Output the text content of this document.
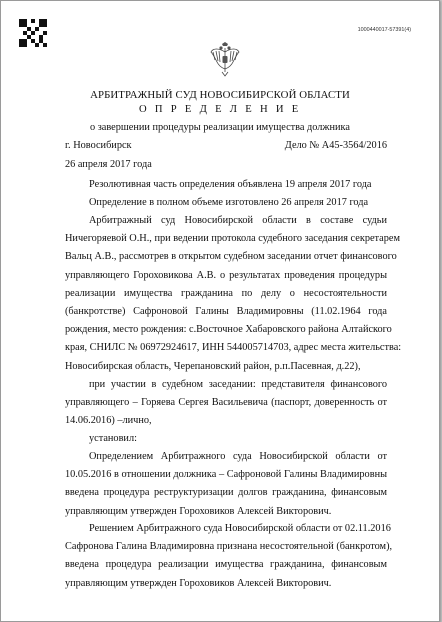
1000440017-57391(4)
АРБИТРАЖНЫЙ СУД НОВОСИБИРСКОЙ ОБЛАСТИ
О П Р Е Д Е Л Е Н И Е
о завершении процедуры реализации имущества должника
г. Новосибирск	Дело № А45-3564/2016
26 апреля 2017 года
Резолютивная часть определения объявлена 19 апреля 2017 года
Определение в полном объеме изготовлено 26 апреля 2017 года
Арбитражный суд Новосибирской области в составе судьи
Ничегоряевой О.Н., при ведении протокола судебного заседания секретарем
Вальц А.В., рассмотрев в открытом судебном заседании отчет финансового
управляющего Гороховикова А.В. о результатах проведения процедуры
реализации имущества гражданина по делу о несостоятельности
(банкротстве) Сафроновой Галины Владимировны (11.02.1964 года
рождения, место рождения: с.Восточное Хабаровского района Алтайского
края, СНИЛС № 06972924617, ИНН 544005714703, адрес места жительства:
Новосибирская область, Черепановский район, р.п.Пасевная, д.22),
при участии в судебном заседании: представителя финансового
управляющего – Горяева Сергея Васильевича (паспорт, доверенность от
14.06.2016) –лично,
установил:
Определением Арбитражного суда Новосибирской области от
10.05.2016 в отношении должника – Сафроновой Галины Владимировны
введена процедура реструктуризации долгов гражданина, финансовым
управляющим утвержден Гороховиков Алексей Викторович.
Решением Арбитражного суда Новосибирской области от 02.11.2016
Сафронова Галина Владимировна признана несостоятельной (банкротом),
введена процедура реализации имущества гражданина, финансовым
управляющим утвержден Гороховиков Алексей Викторович.
